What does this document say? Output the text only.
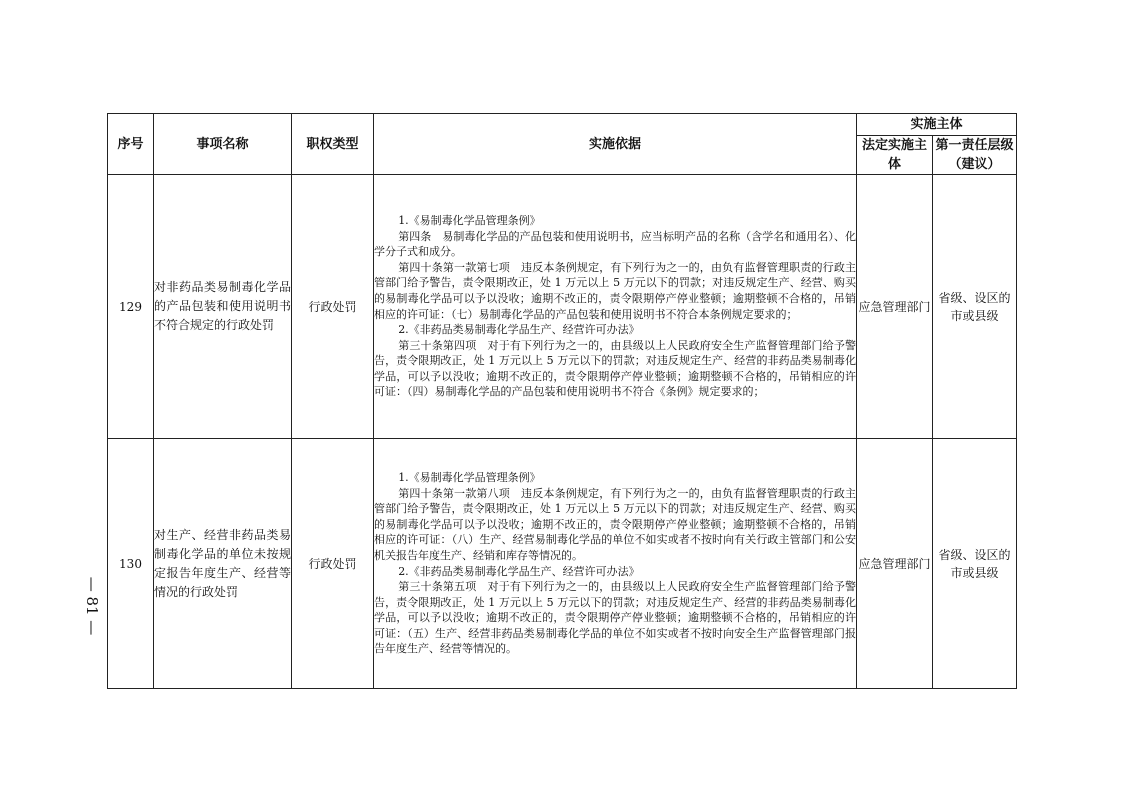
序号	事项名称	职权类型	实施依据	实施主体	
				法定实施主体	第一责任层级（建议）
129	对非药品类易制毒化学品的产品包装和使用说明书不符合规定的行政处罚	行政处罚	1.《易制毒化学品管理条例》

第四条　易制毒化学品的产品包装和使用说明书，应当标明产品的名称（含学名和通用名）、化学分子式和成分。

第四十条第一款第七项　违反本条例规定，有下列行为之一的，由负有监督管理职责的行政主管部门给予警告，责令限期改正，处 1 万元以上 5 万元以下的罚款；对违反规定生产、经营、购买的易制毒化学品可以予以没收；逾期不改正的，责令限期停产停业整顿；逾期整顿不合格的，吊销相应的许可证：（七）易制毒化学品的产品包装和使用说明书不符合本条例规定要求的；

2.《非药品类易制毒化学品生产、经营许可办法》

第三十条第四项　对于有下列行为之一的，由县级以上人民政府安全生产监督管理部门给予警告，责令限期改正，处 1 万元以上 5 万元以下的罚款；对违反规定生产、经营的非药品类易制毒化学品，可以予以没收；逾期不改正的，责令限期停产停业整顿；逾期整顿不合格的，吊销相应的许可证：（四）易制毒化学品的产品包装和使用说明书不符合《条例》规定要求的；	应急管理部门	省级、设区的市或县级
130	对生产、经营非药品类易制毒化学品的单位未按规定报告年度生产、经营等情况的行政处罚	行政处罚	1.《易制毒化学品管理条例》

第四十条第一款第八项　违反本条例规定，有下列行为之一的，由负有监督管理职责的行政主管部门给予警告，责令限期改正，处 1 万元以上 5 万元以下的罚款；对违反规定生产、经营、购买的易制毒化学品可以予以没收；逾期不改正的，责令限期停产停业整顿；逾期整顿不合格的，吊销相应的许可证：（八）生产、经营易制毒化学品的单位不如实或者不按时向有关行政主管部门和公安机关报告年度生产、经销和库存等情况的。

2.《非药品类易制毒化学品生产、经营许可办法》

第三十条第五项　对于有下列行为之一的，由县级以上人民政府安全生产监督管理部门给予警告，责令限期改正，处 1 万元以上 5 万元以下的罚款；对违反规定生产、经营的非药品类易制毒化学品，可以予以没收；逾期不改正的，责令限期停产停业整顿；逾期整顿不合格的，吊销相应的许可证：（五）生产、经营非药品类易制毒化学品的单位不如实或者不按时向安全生产监督管理部门报告年度生产、经营等情况的。	应急管理部门	省级、设区的市或县级
— 81 —
